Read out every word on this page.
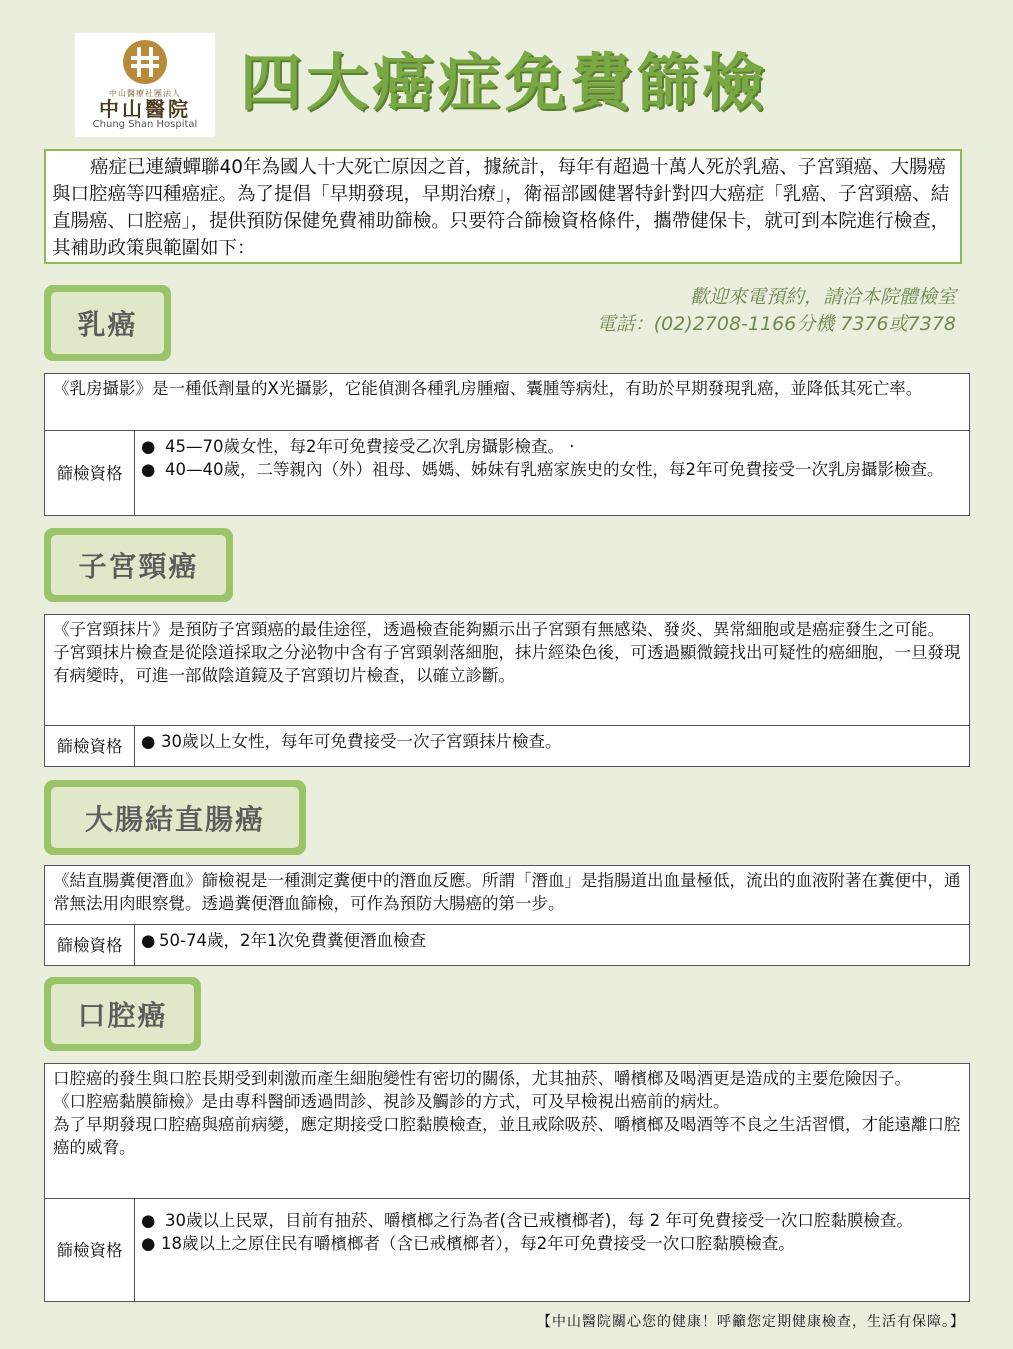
中山醫療社團法人
中山醫院
Chung Shan Hospital
四大癌症免費篩檢
癌症已連續蟬聯40年為國人十大死亡原因之首，據統計，每年有超過十萬人死於乳癌、子宮頸癌、大腸癌與口腔癌等四種癌症。為了提倡「早期發現，早期治療」，衛福部國健署特針對四大癌症「乳癌、子宮頸癌、結直腸癌、口腔癌」，提供預防保健免費補助篩檢。只要符合篩檢資格條件，攜帶健保卡，就可到本院進行檢查，其補助政策與範圍如下：
歡迎來電預約，請洽本院體檢室
電話：(02)2708-1166分機 7376或7378
乳癌
《乳房攝影》是一種低劑量的X光攝影，它能偵測各種乳房腫瘤、囊腫等病灶，有助於早期發現乳癌，並降低其死亡率。

篩檢資格	
● 45—70歲女性，每2年可免費接受乙次乳房攝影檢查。 ·
● 40—40歲，二等親內（外）祖母、媽媽、姊妹有乳癌家族史的女性，每2年可免費接受一次乳房攝影檢查。
子宮頸癌
《子宮頸抹片》是預防子宮頸癌的最佳途徑，透過檢查能夠顯示出子宮頸有無感染、發炎、異常細胞或是癌症發生之可能。
子宮頸抹片檢查是從陰道採取之分泌物中含有子宮頸剝落細胞，抹片經染色後，可透過顯微鏡找出可疑性的癌細胞，一旦發現有病變時，可進一部做陰道鏡及子宮頸切片檢查，以確立診斷。

篩檢資格	● 30歲以上女性，每年可免費接受一次子宮頸抹片檢查。
大腸結直腸癌
《結直腸糞便潛血》篩檢視是一種測定糞便中的潛血反應。所謂「潛血」是指腸道出血量極低，流出的血液附著在糞便中，通常無法用肉眼察覺。透過糞便潛血篩檢，可作為預防大腸癌的第一步。

篩檢資格	● 50-74歲，2年1次免費糞便潛血檢查
口腔癌
口腔癌的發生與口腔長期受到刺激而產生細胞變性有密切的關係，尤其抽菸、嚼檳榔及喝酒更是造成的主要危險因子。
《口腔癌黏膜篩檢》是由專科醫師透過問診、視診及觸診的方式，可及早檢視出癌前的病灶。
為了早期發現口腔癌與癌前病變，應定期接受口腔黏膜檢查，並且戒除吸菸、嚼檳榔及喝酒等不良之生活習慣，才能遠離口腔癌的威脅。

篩檢資格	
● 30歲以上民眾，目前有抽菸、嚼檳榔之行為者(含已戒檳榔者)，每 2 年可免費接受一次口腔黏膜檢查。
● 18歲以上之原住民有嚼檳榔者（含已戒檳榔者），每2年可免費接受一次口腔黏膜檢查。
【中山醫院關心您的健康！呼籲您定期健康檢查，生活有保障。】
